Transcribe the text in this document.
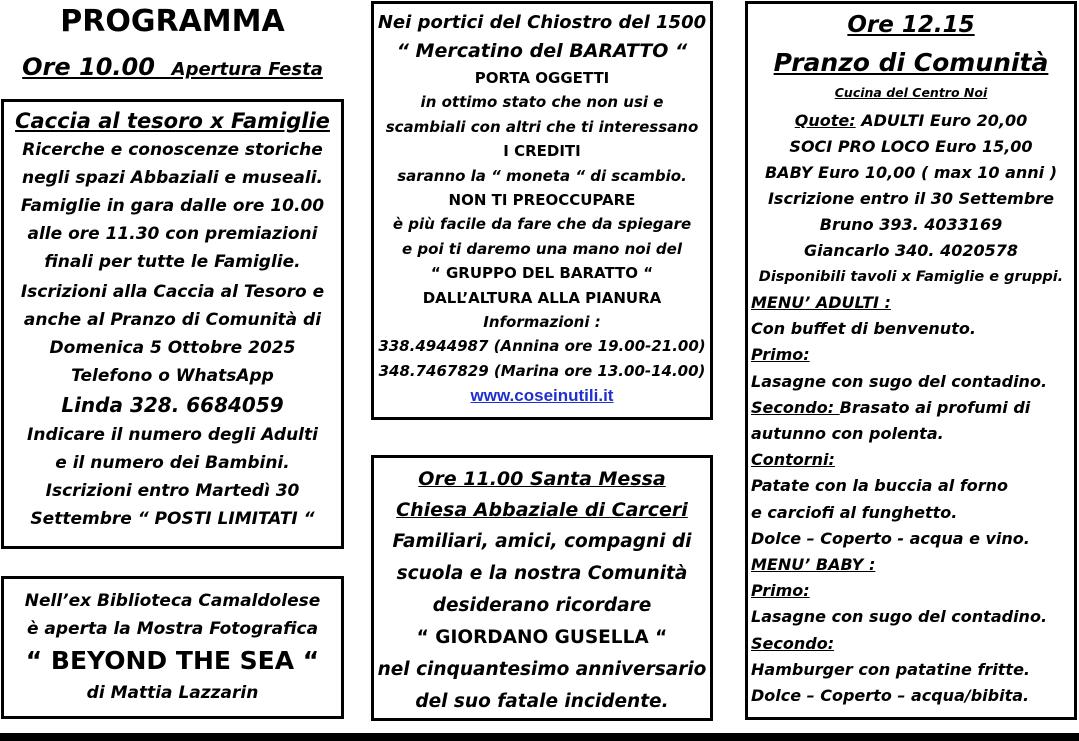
PROGRAMMA
Ore 10.00 Apertura Festa
Caccia al tesoro x Famiglie
Ricerche e conoscenze storiche
negli spazi Abbaziali e museali.
Famiglie in gara dalle ore 10.00
alle ore 11.30 con premiazioni
finali per tutte le Famiglie.
Iscrizioni alla Caccia al Tesoro e
anche al Pranzo di Comunità di
Domenica 5 Ottobre 2025
Telefono o WhatsApp
Linda 328. 6684059
Indicare il numero degli Adulti
e il numero dei Bambini.
Iscrizioni entro Martedì 30
Settembre “ POSTI LIMITATI “
Nell’ex Biblioteca Camaldolese
è aperta la Mostra Fotografica
“ BEYOND THE SEA “
di Mattia Lazzarin
Nei portici del Chiostro del 1500
“ Mercatino del BARATTO “
PORTA OGGETTI
in ottimo stato che non usi e
scambiali con altri che ti interessano
I CREDITI
saranno la “ moneta “ di scambio.
NON TI PREOCCUPARE
è più facile da fare che da spiegare
e poi ti daremo una mano noi del
“ GRUPPO DEL BARATTO “
DALL’ALTURA ALLA PIANURA
Informazioni :
338.4944987 (Annina ore 19.00-21.00)
348.7467829 (Marina ore 13.00-14.00)
www.coseinutili.it
Ore 11.00 Santa Messa
Chiesa Abbaziale di Carceri
Familiari, amici, compagni di
scuola e la nostra Comunità
desiderano ricordare
“ GIORDANO GUSELLA “
nel cinquantesimo anniversario
del suo fatale incidente.
Ore 12.15
Pranzo di Comunità
Cucina del Centro Noi
Quote: ADULTI Euro 20,00
SOCI PRO LOCO Euro 15,00
BABY Euro 10,00 ( max 10 anni )
Iscrizione entro il 30 Settembre
Bruno 393. 4033169
Giancarlo 340. 4020578
Disponibili tavoli x Famiglie e gruppi.
MENU’ ADULTI :
Con buffet di benvenuto.
Primo:
Lasagne con sugo del contadino.
Secondo: Brasato ai profumi di
autunno con polenta.
Contorni:
Patate con la buccia al forno
e carciofi al funghetto.
Dolce – Coperto - acqua e vino.
MENU’ BABY :
Primo:
Lasagne con sugo del contadino.
Secondo:
Hamburger con patatine fritte.
Dolce – Coperto – acqua/bibita.
